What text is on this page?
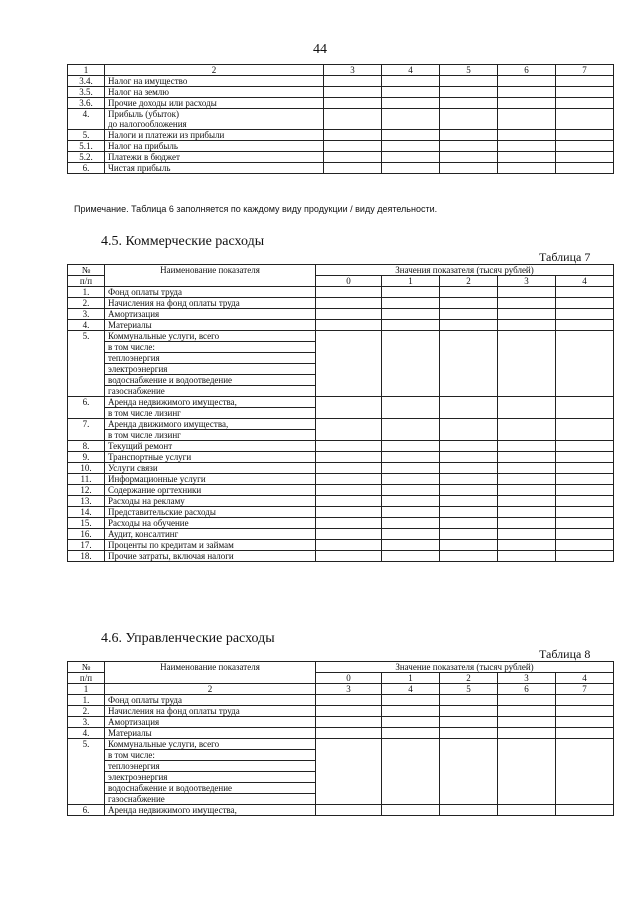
44
1	2	3	4	5	6	7
3.4.	Налог на имущество					

3.5.	Налог на землю					

3.6.	Прочие доходы или расходы					

4.	Прибыль (убыток)
до налогообложения					

5.	Налоги и платежи из прибыли					

5.1.	Налог на прибыль					

5.2.	Платежи в бюджет					

6.	Чистая прибыль					

Примечание. Таблица 6 заполняется по каждому виду продукции / виду деятельности.
4.5. Коммерческие расходы
Таблица 7
№	Наименование показателя	Значения показателя (тысяч рублей)				
п/п		0	1	2	3	4
1.	Фонд оплаты труда					
2.	Начисления на фонд оплаты труда					
3.	Амортизация					
4.	Материалы					
5.	Коммунальные услуги, всего					
	в том числе:					
	теплоэнергия					
	электроэнергия					
	водоснабжение и водоотведение					
	газоснабжение					
6.	Аренда недвижимого имущества,					
	в том числе лизинг					
7.	Аренда движимого имущества,					
	в том числе лизинг					
8.	Текущий ремонт					
9.	Транспортные услуги					
10.	Услуги связи					
11.	Информационные услуги					
12.	Содержание оргтехники					
13.	Расходы на рекламу					
14.	Представительские расходы					
15.	Расходы на обучение					
16.	Аудит, консалтинг					
17.	Проценты по кредитам и займам					
18.	Прочие затраты, включая налоги					
4.6. Управленческие расходы
Таблица 8
№	Наименование показателя	Значение показателя (тысяч рублей)				
п/п		0	1	2	3	4
1	2	3	4	5	6	7
1.	Фонд оплаты труда					
2.	Начисления на фонд оплаты труда					
3.	Амортизация					
4.	Материалы					
5.	Коммунальные услуги, всего					
	в том числе:					
	теплоэнергия					
	электроэнергия					
	водоснабжение и водоотведение					
	газоснабжение					
6.	Аренда недвижимого имущества,					
